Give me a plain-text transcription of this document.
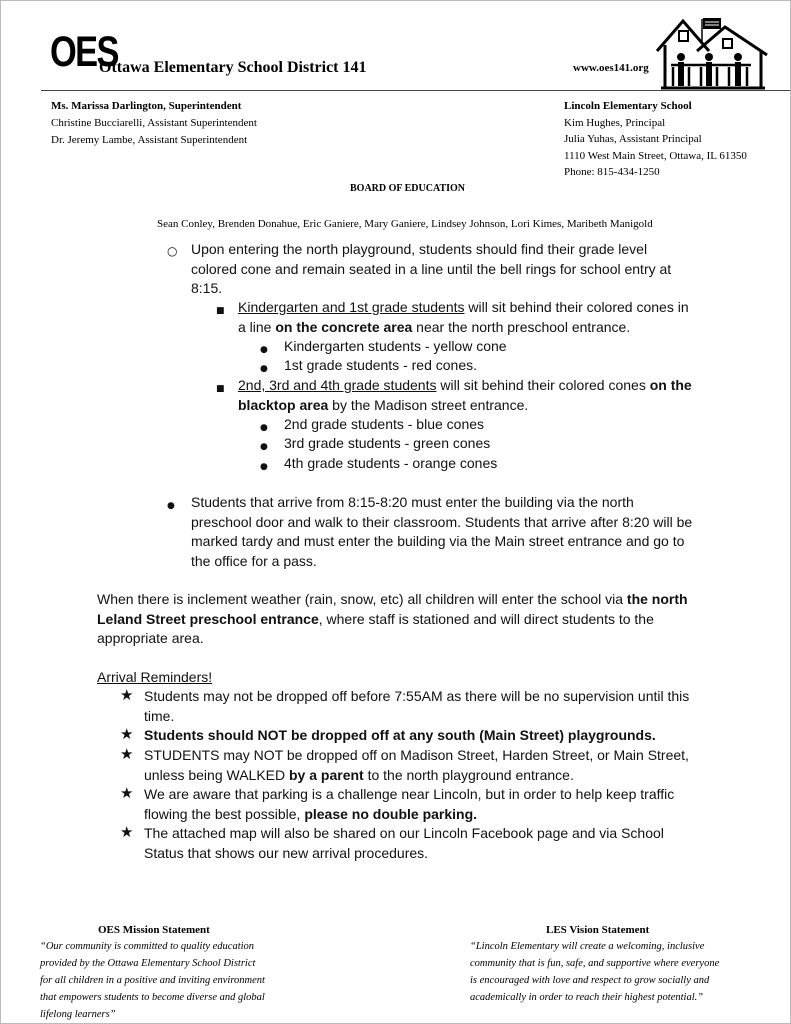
OES
Ottawa Elementary School District 141	www.oes141.org
Ms. Marissa Darlington, Superintendent
Christine Bucciarelli, Assistant Superintendent
Dr. Jeremy Lambe, Assistant Superintendent
Lincoln Elementary School
Kim Hughes, Principal
Julia Yuhas, Assistant Principal
1110 West Main Street, Ottawa, IL 61350
Phone: 815-434-1250
BOARD OF EDUCATION
Sean Conley, Brenden Donahue, Eric Ganiere, Mary Ganiere, Lindsey Johnson, Lori Kimes, Maribeth Manigold
○ Upon entering the north playground, students should find their grade level
colored cone and remain seated in a line until the bell rings for school entry at
8:15.
■ Kindergarten and 1st grade students will sit behind their colored cones in
a line on the concrete area near the north preschool entrance.
● Kindergarten students - yellow cone
● 1st grade students - red cones.
■ 2nd, 3rd and 4th grade students will sit behind their colored cones on the
blacktop area by the Madison street entrance.
● 2nd grade students - blue cones
● 3rd grade students - green cones
● 4th grade students - orange cones
● Students that arrive from 8:15-8:20 must enter the building via the north
preschool door and walk to their classroom. Students that arrive after 8:20 will be
marked tardy and must enter the building via the Main street entrance and go to
the office for a pass.
When there is inclement weather (rain, snow, etc) all children will enter the school via the north
Leland Street preschool entrance, where staff is stationed and will direct students to the
appropriate area.
Arrival Reminders!
★ Students may not be dropped off before 7:55AM as there will be no supervision until this
time.
★ Students should NOT be dropped off at any south (Main Street) playgrounds.
★ STUDENTS may NOT be dropped off on Madison Street, Harden Street, or Main Street,
unless being WALKED by a parent to the north playground entrance.
★ We are aware that parking is a challenge near Lincoln, but in order to help keep traffic
flowing the best possible, please no double parking.
★ The attached map will also be shared on our Lincoln Facebook page and via School
Status that shows our new arrival procedures.
OES Mission Statement
“Our community is committed to quality education
provided by the Ottawa Elementary School District
for all children in a positive and inviting environment
that empowers students to become diverse and global
lifelong learners”
LES Vision Statement
“Lincoln Elementary will create a welcoming, inclusive
community that is fun, safe, and supportive where everyone
is encouraged with love and respect to grow socially and
academically in order to reach their highest potential.”
